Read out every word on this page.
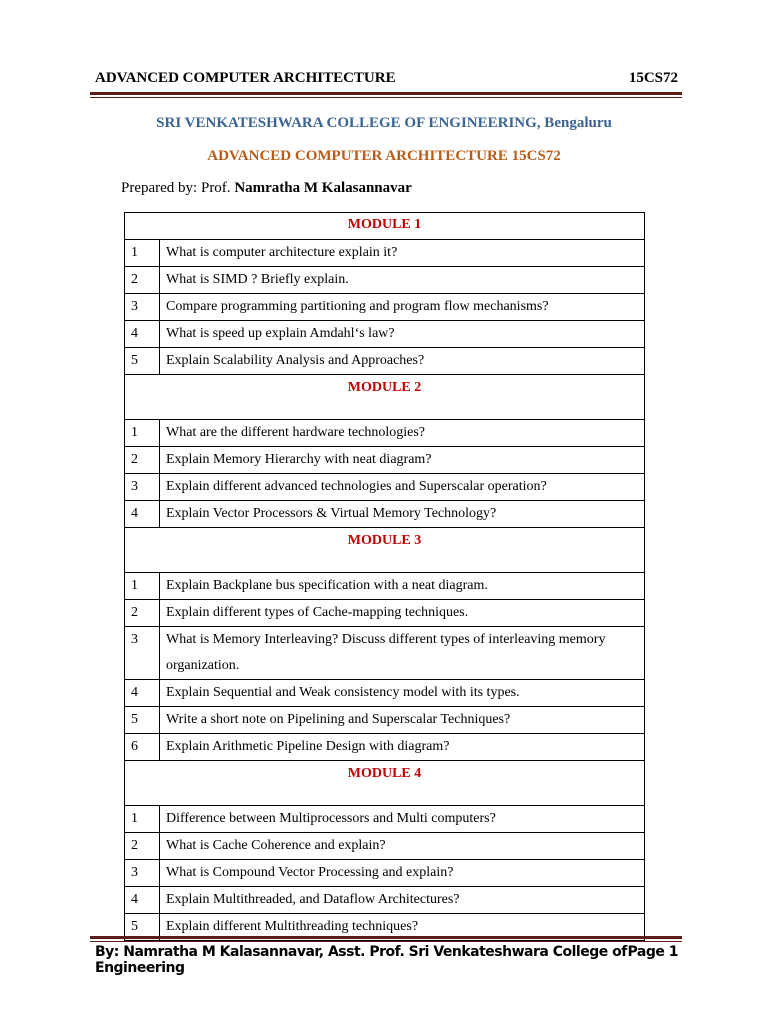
ADVANCED COMPUTER ARCHITECTURE	15CS72
SRI VENKATESHWARA COLLEGE OF ENGINEERING, Bengaluru
ADVANCED COMPUTER ARCHITECTURE 15CS72
Prepared by: Prof. Namratha M Kalasannavar
MODULE 1	
1	What is computer architecture explain it?
2	What is SIMD ? Briefly explain.
3	Compare programming partitioning and program flow mechanisms?
4	What is speed up explain Amdahl‘s law?
5	Explain Scalability Analysis and Approaches?
MODULE 2	
1	What are the different hardware technologies?
2	Explain Memory Hierarchy with neat diagram?
3	Explain different advanced technologies and Superscalar operation?
4	Explain Vector Processors & Virtual Memory Technology?
MODULE 3	
1	Explain Backplane bus specification with a neat diagram.
2	Explain different types of Cache-mapping techniques.
3	What is Memory Interleaving? Discuss different types of interleaving memory organization.
4	Explain Sequential and Weak consistency model with its types.
5	Write a short note on Pipelining and Superscalar Techniques?
6	Explain Arithmetic Pipeline Design with diagram?
MODULE 4	
1	Difference between Multiprocessors and Multi computers?
2	What is Cache Coherence and explain?
3	What is Compound Vector Processing and explain?
4	Explain Multithreaded, and Dataflow Architectures?
5	Explain different Multithreading techniques?
By: Namratha M Kalasannavar, Asst. Prof. Sri Venkateshwara College of Engineering
Page 1
